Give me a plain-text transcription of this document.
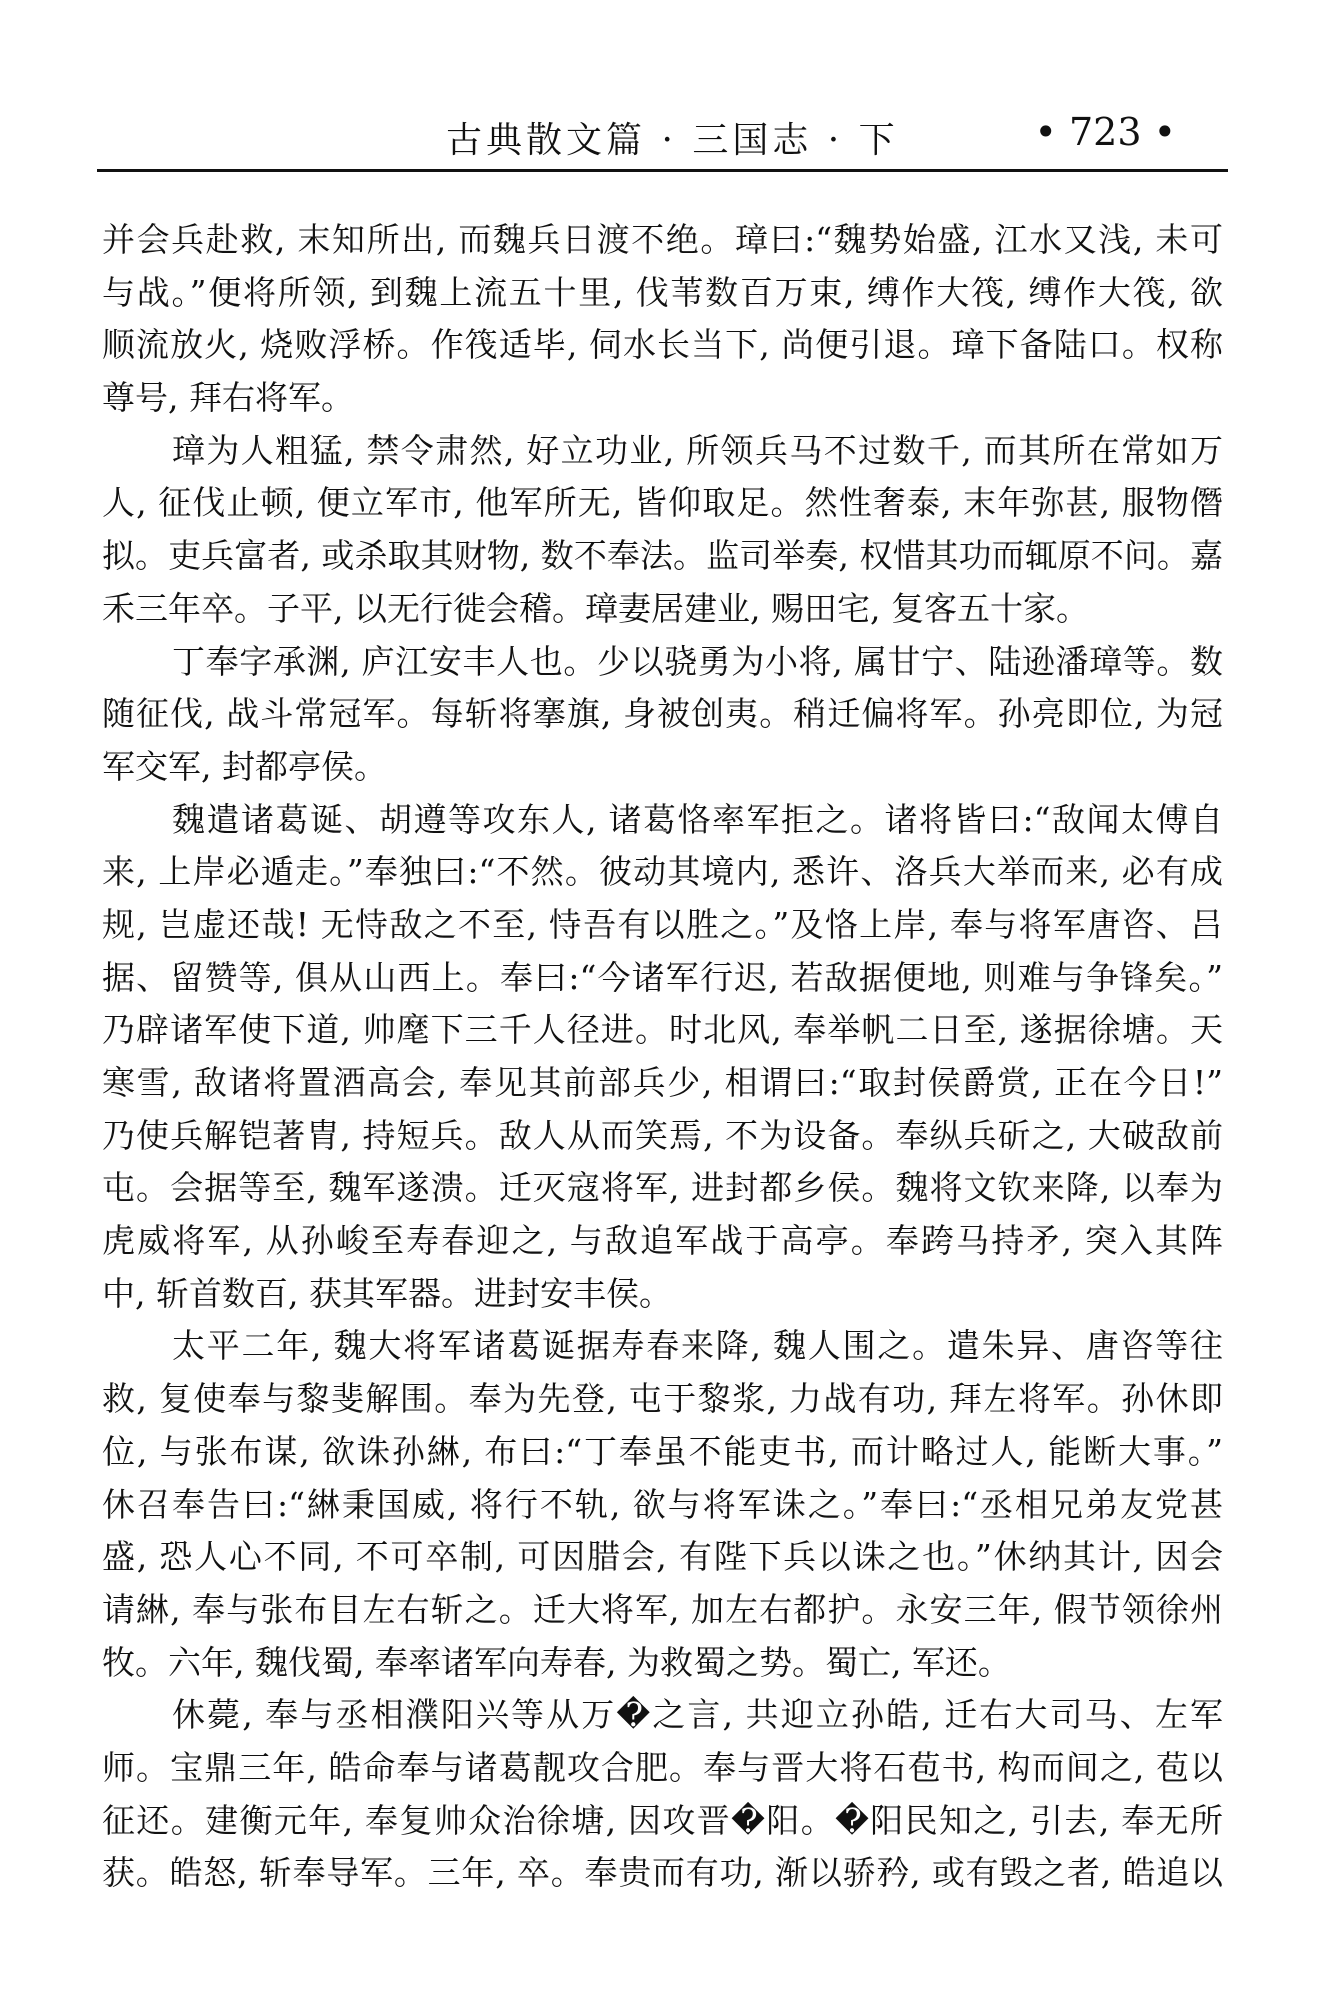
古典散文篇 · 三国志 · 下	• 723 •
并会兵赴救, 末知所出, 而魏兵日渡不绝。璋曰:“魏势始盛, 江水又浅, 未可
与战。”便将所领, 到魏上流五十里, 伐苇数百万束, 缚作大筏, 缚作大筏, 欲
顺流放火, 烧败浮桥。作筏适毕, 伺水长当下, 尚便引退。璋下备陆口。权称
尊号, 拜右将军。
璋为人粗猛, 禁令肃然, 好立功业, 所领兵马不过数千, 而其所在常如万
人, 征伐止顿, 便立军市, 他军所无, 皆仰取足。然性奢泰, 末年弥甚, 服物僭
拟。吏兵富者, 或杀取其财物, 数不奉法。监司举奏, 权惜其功而辄原不问。嘉
禾三年卒。子平, 以无行徙会稽。璋妻居建业, 赐田宅, 复客五十家。
丁奉字承渊, 庐江安丰人也。少以骁勇为小将, 属甘宁、陆逊潘璋等。数
随征伐, 战斗常冠军。每斩将搴旗, 身被创夷。稍迁偏将军。孙亮即位, 为冠
军交军, 封都亭侯。
魏遣诸葛诞、胡遵等攻东人, 诸葛恪率军拒之。诸将皆曰:“敌闻太傅自
来, 上岸必遁走。”奉独曰:“不然。彼动其境内, 悉许、洛兵大举而来, 必有成
规, 岂虚还哉! 无恃敌之不至, 恃吾有以胜之。”及恪上岸, 奉与将军唐咨、吕
据、留赞等, 俱从山西上。奉曰:“今诸军行迟, 若敌据便地, 则难与争锋矣。”
乃辟诸军使下道, 帅麾下三千人径进。时北风, 奉举帆二日至, 遂据徐塘。天
寒雪, 敌诸将置酒高会, 奉见其前部兵少, 相谓曰:“取封侯爵赏, 正在今日!”
乃使兵解铠著胄, 持短兵。敌人从而笑焉, 不为设备。奉纵兵斫之, 大破敌前
屯。会据等至, 魏军遂溃。迁灭寇将军, 进封都乡侯。魏将文钦来降, 以奉为
虎威将军, 从孙峻至寿春迎之, 与敌追军战于高亭。奉跨马持矛, 突入其阵
中, 斩首数百, 获其军器。进封安丰侯。
太平二年, 魏大将军诸葛诞据寿春来降, 魏人围之。遣朱异、唐咨等往
救, 复使奉与黎斐解围。奉为先登, 屯于黎浆, 力战有功, 拜左将军。孙休即
位, 与张布谋, 欲诛孙綝, 布曰:“丁奉虽不能吏书, 而计略过人, 能断大事。”
休召奉告曰:“綝秉国威, 将行不轨, 欲与将军诛之。”奉曰:“丞相兄弟友党甚
盛, 恐人心不同, 不可卒制, 可因腊会, 有陛下兵以诛之也。”休纳其计, 因会
请綝, 奉与张布目左右斩之。迁大将军, 加左右都护。永安三年, 假节领徐州
牧。六年, 魏伐蜀, 奉率诸军向寿春, 为救蜀之势。蜀亡, 军还。
休薨, 奉与丞相濮阳兴等从万�之言, 共迎立孙皓, 迁右大司马、左军
师。宝鼎三年, 皓命奉与诸葛靓攻合肥。奉与晋大将石苞书, 构而间之, 苞以
征还。建衡元年, 奉复帅众治徐塘, 因攻晋�阳。�阳民知之, 引去, 奉无所
获。皓怒, 斩奉导军。三年, 卒。奉贵而有功, 渐以骄矜, 或有毁之者, 皓追以
